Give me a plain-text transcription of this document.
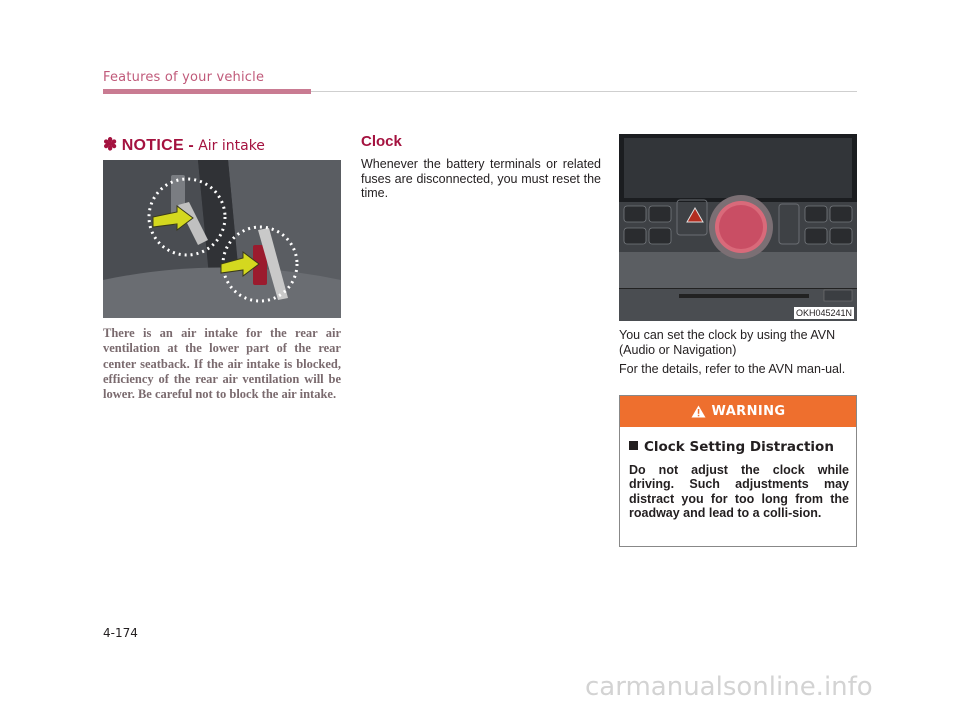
Features of your vehicle
✽ NOTICE - Air intake

There is an air intake for the rear air ventilation at the lower part of the rear center seatback. If the air intake is blocked, efficiency of the rear air ventilation will be lower. Be careful not to block the air intake.

Clock

Whenever the battery terminals or related fuses are disconnected, you must reset the time.

OKH045241N

You can set the clock by using the AVN (Audio or Navigation)

For the details, refer to the AVN man-ual.

WARNING
Clock Setting Distraction

Do not adjust the clock while driving. Such adjustments may distract you for too long from the roadway and lead to a colli-sion.

4-174
carmanualsonline.info
